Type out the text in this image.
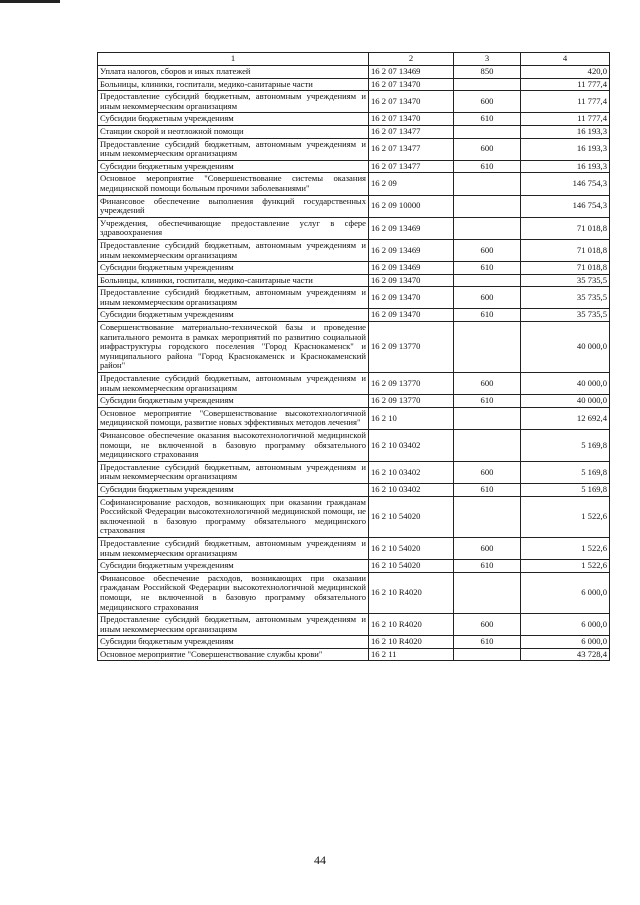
1	2	3	4
Уплата налогов, сборов и иных платежей	16 2 07 13469	850	420,0
Больницы, клиники, госпитали, медико-санитарные части	16 2 07 13470		11 777,4
Предоставление субсидий бюджетным, автономным учреждениям и иным некоммерческим организациям	16 2 07 13470	600	11 777,4
Субсидии бюджетным учреждениям	16 2 07 13470	610	11 777,4
Станции скорой и неотложной помощи	16 2 07 13477		16 193,3
Предоставление субсидий бюджетным, автономным учреждениям и иным некоммерческим организациям	16 2 07 13477	600	16 193,3
Субсидии бюджетным учреждениям	16 2 07 13477	610	16 193,3
Основное мероприятие "Совершенствование системы оказания медицинской помощи больным прочими заболеваниями"	16 2 09		146 754,3
Финансовое обеспечение выполнения функций государственных учреждений	16 2 09 10000		146 754,3
Учреждения, обеспечивающие предоставление услуг в сфере здравоохранения	16 2 09 13469		71 018,8
Предоставление субсидий бюджетным, автономным учреждениям и иным некоммерческим организациям	16 2 09 13469	600	71 018,8
Субсидии бюджетным учреждениям	16 2 09 13469	610	71 018,8
Больницы, клиники, госпитали, медико-санитарные части	16 2 09 13470		35 735,5
Предоставление субсидий бюджетным, автономным учреждениям и иным некоммерческим организациям	16 2 09 13470	600	35 735,5
Субсидии бюджетным учреждениям	16 2 09 13470	610	35 735,5
Совершенствование материально-технической базы и проведение капитального ремонта в рамках мероприятий по развитию социальной инфраструктуры городского поселения "Город Краснокаменск" и муниципального района "Город Краснокаменск и Краснокаменский район"	16 2 09 13770		40 000,0
Предоставление субсидий бюджетным, автономным учреждениям и иным некоммерческим организациям	16 2 09 13770	600	40 000,0
Субсидии бюджетным учреждениям	16 2 09 13770	610	40 000,0
Основное мероприятие "Совершенствование высокотехнологичной медицинской помощи, развитие новых эффективных методов лечения"	16 2 10		12 692,4
Финансовое обеспечение оказания высокотехнологичной медицинской помощи, не включенной в базовую программу обязательного медицинского страхования	16 2 10 03402		5 169,8
Предоставление субсидий бюджетным, автономным учреждениям и иным некоммерческим организациям	16 2 10 03402	600	5 169,8
Субсидии бюджетным учреждениям	16 2 10 03402	610	5 169,8
Софинансирование расходов, возникающих при оказании гражданам Российской Федерации высокотехнологичной медицинской помощи, не включенной в базовую программу обязательного медицинского страхования	16 2 10 54020		1 522,6
Предоставление субсидий бюджетным, автономным учреждениям и иным некоммерческим организациям	16 2 10 54020	600	1 522,6
Субсидии бюджетным учреждениям	16 2 10 54020	610	1 522,6
Финансовое обеспечение расходов, возникающих при оказании гражданам Российской Федерации высокотехнологичной медицинской помощи, не включенной в базовую программу обязательного медицинского страхования	16 2 10 R4020		6 000,0
Предоставление субсидий бюджетным, автономным учреждениям и иным некоммерческим организациям	16 2 10 R4020	600	6 000,0
Субсидии бюджетным учреждениям	16 2 10 R4020	610	6 000,0
Основное мероприятие "Совершенствование службы крови"	16 2 11		43 728,4
44
